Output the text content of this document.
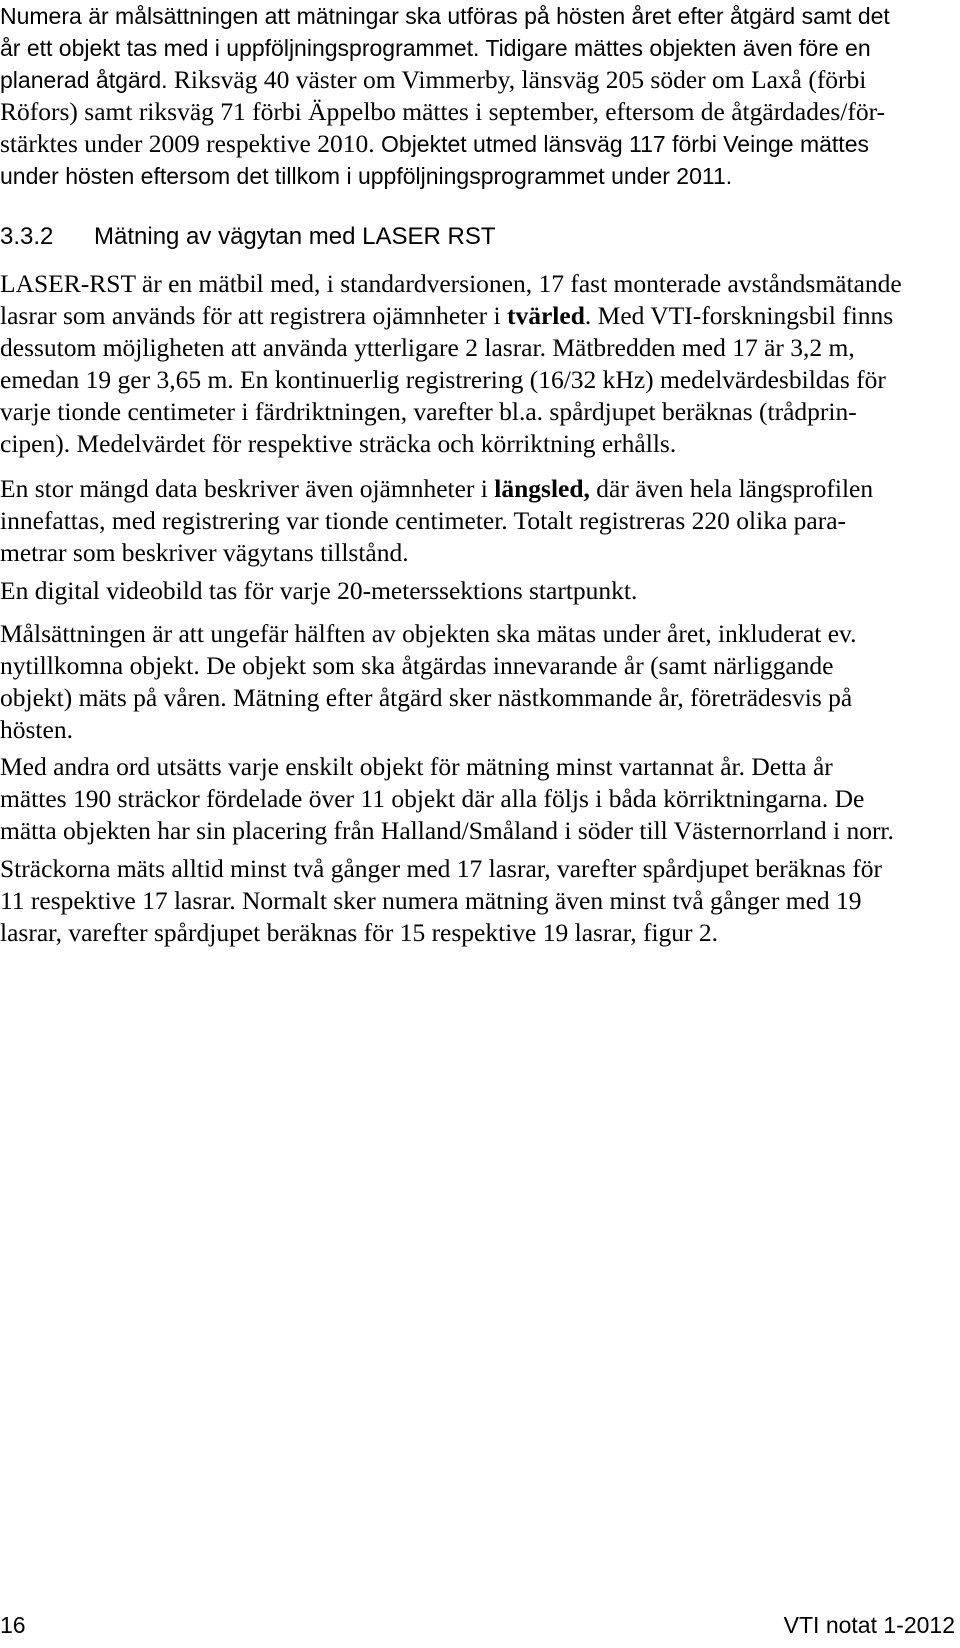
Numera är målsättningen att mätningar ska utföras på hösten året efter åtgärd samt det
år ett objekt tas med i uppföljningsprogrammet. Tidigare mättes objekten även före en
planerad åtgärd. Riksväg 40 väster om Vimmerby, länsväg 205 söder om Laxå (förbi
Röfors) samt riksväg 71 förbi Äppelbo mättes i september, eftersom de åtgärdades/för-
stärktes under 2009 respektive 2010. Objektet utmed länsväg 117 förbi Veinge mättes
under hösten eftersom det tillkom i uppföljningsprogrammet under 2011.
3.3.2 Mätning av vägytan med LASER RST
LASER-RST är en mätbil med, i standardversionen, 17 fast monterade avståndsmätande
lasrar som används för att registrera ojämnheter i tvärled. Med VTI-forskningsbil finns
dessutom möjligheten att använda ytterligare 2 lasrar. Mätbredden med 17 är 3,2 m,
emedan 19 ger 3,65 m. En kontinuerlig registrering (16/32 kHz) medelvärdesbildas för
varje tionde centimeter i färdriktningen, varefter bl.a. spårdjupet beräknas (trådprin-
cipen). Medelvärdet för respektive sträcka och körriktning erhålls.
En stor mängd data beskriver även ojämnheter i längsled, där även hela längsprofilen
innefattas, med registrering var tionde centimeter. Totalt registreras 220 olika para-
metrar som beskriver vägytans tillstånd.
En digital videobild tas för varje 20-meterssektions startpunkt.
Målsättningen är att ungefär hälften av objekten ska mätas under året, inkluderat ev.
nytillkomna objekt. De objekt som ska åtgärdas innevarande år (samt närliggande
objekt) mäts på våren. Mätning efter åtgärd sker nästkommande år, företrädesvis på
hösten.
Med andra ord utsätts varje enskilt objekt för mätning minst vartannat år. Detta år
mättes 190 sträckor fördelade över 11 objekt där alla följs i båda körriktningarna. De
mätta objekten har sin placering från Halland/Småland i söder till Västernorrland i norr.
Sträckorna mäts alltid minst två gånger med 17 lasrar, varefter spårdjupet beräknas för
11 respektive 17 lasrar. Normalt sker numera mätning även minst två gånger med 19
lasrar, varefter spårdjupet beräknas för 15 respektive 19 lasrar, figur 2.
16	VTI notat 1-2012
